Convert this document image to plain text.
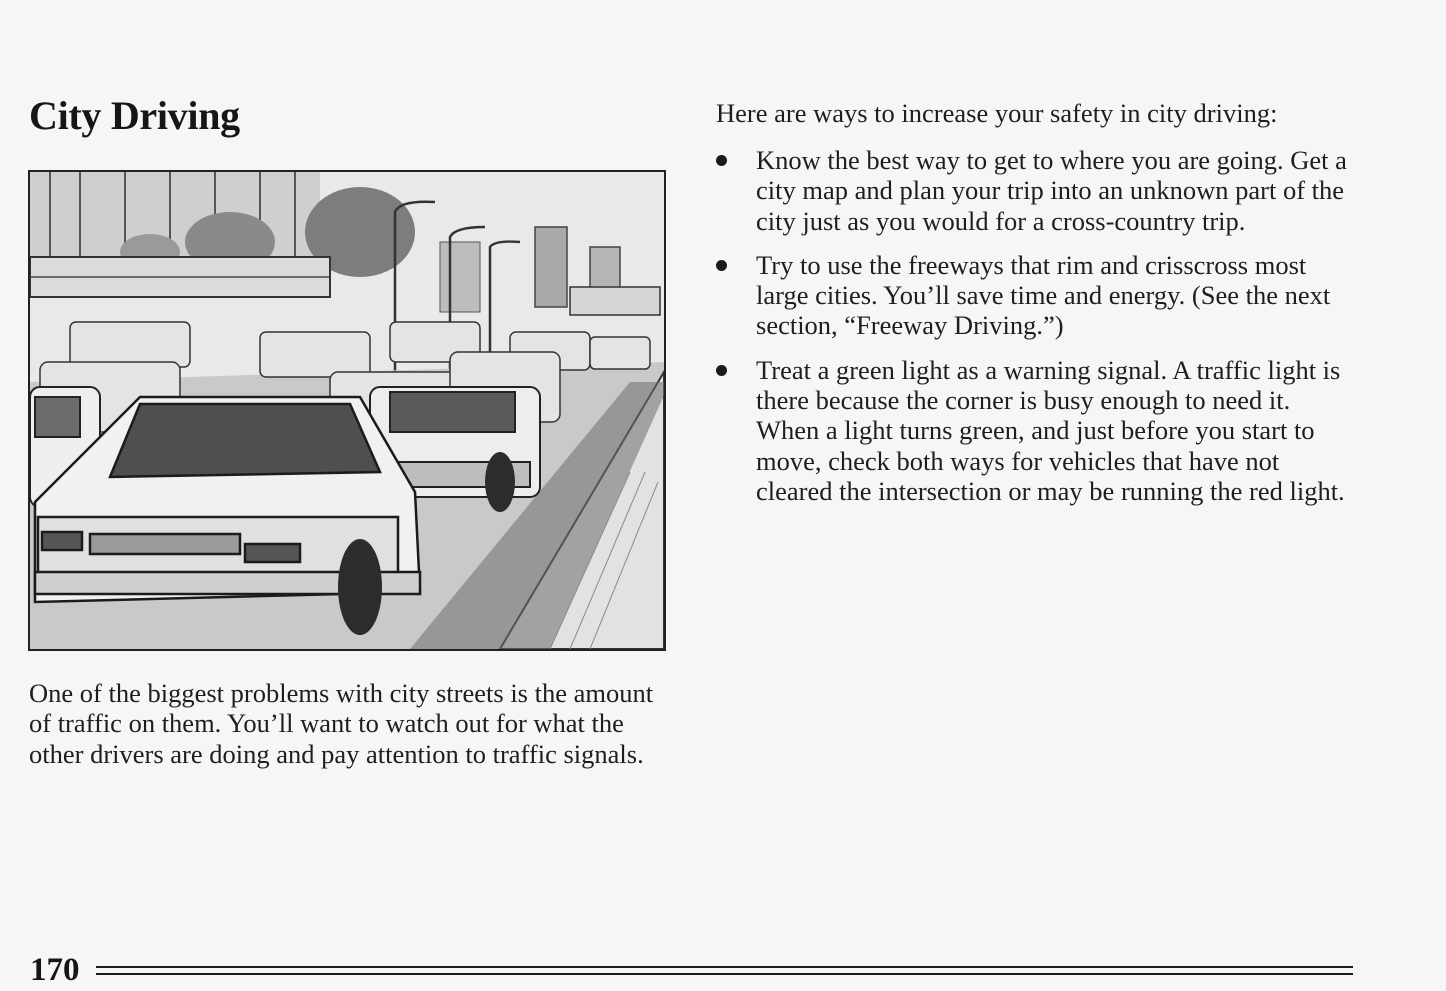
City Driving

One of the biggest problems with city streets is the amount of traffic on them. You’ll want to watch out for what the other drivers are doing and pay attention to traffic signals.

Here are ways to increase your safety in city driving:

Know the best way to get to where you are going. Get a city map and plan your trip into an unknown part of the city just as you would for a cross-country trip.
Try to use the freeways that rim and crisscross most large cities. You’ll save time and energy. (See the next section, “Freeway Driving.”)
Treat a green light as a warning signal. A traffic light is there because the corner is busy enough to need it. When a light turns green, and just before you start to move, check both ways for vehicles that have not cleared the intersection or may be running the red light.
170
